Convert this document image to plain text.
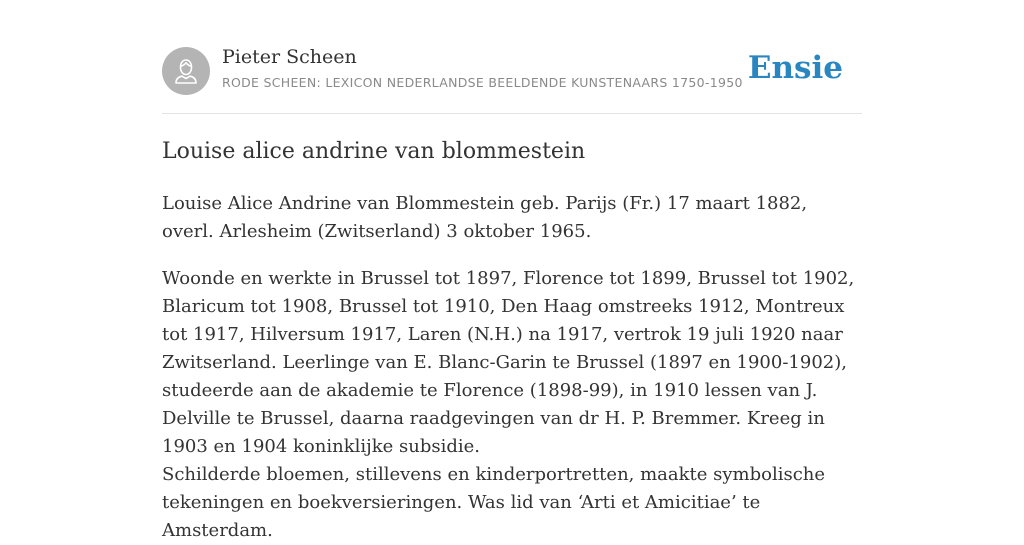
Pieter Scheen
RODE SCHEEN: LEXICON NEDERLANDSE BEELDENDE KUNSTENAARS 1750-1950 Ensie
Louise alice andrine van blommestein

Louise Alice Andrine van Blommestein geb. Parijs (Fr.) 17 maart 1882, overl. Arlesheim (Zwitserland) 3 oktober 1965.

Woonde en werkte in Brussel tot 1897, Florence tot 1899, Brussel tot 1902, Blaricum tot 1908, Brussel tot 1910, Den Haag omstreeks 1912, Montreux tot 1917, Hilversum 1917, Laren (N.H.) na 1917, vertrok 19 juli 1920 naar Zwitserland. Leerlinge van E. Blanc-Garin te Brussel (1897 en 1900-1902), studeerde aan de akademie te Florence (1898-99), in 1910 lessen van J. Delville te Brussel, daarna raadgevingen van dr H. P. Bremmer. Kreeg in 1903 en 1904 koninklijke subsidie.

Schilderde bloemen, stillevens en kinderportretten, maakte symbolische tekeningen en boekversieringen. Was lid van ‘Arti et Amicitiae’ te Amsterdam.
